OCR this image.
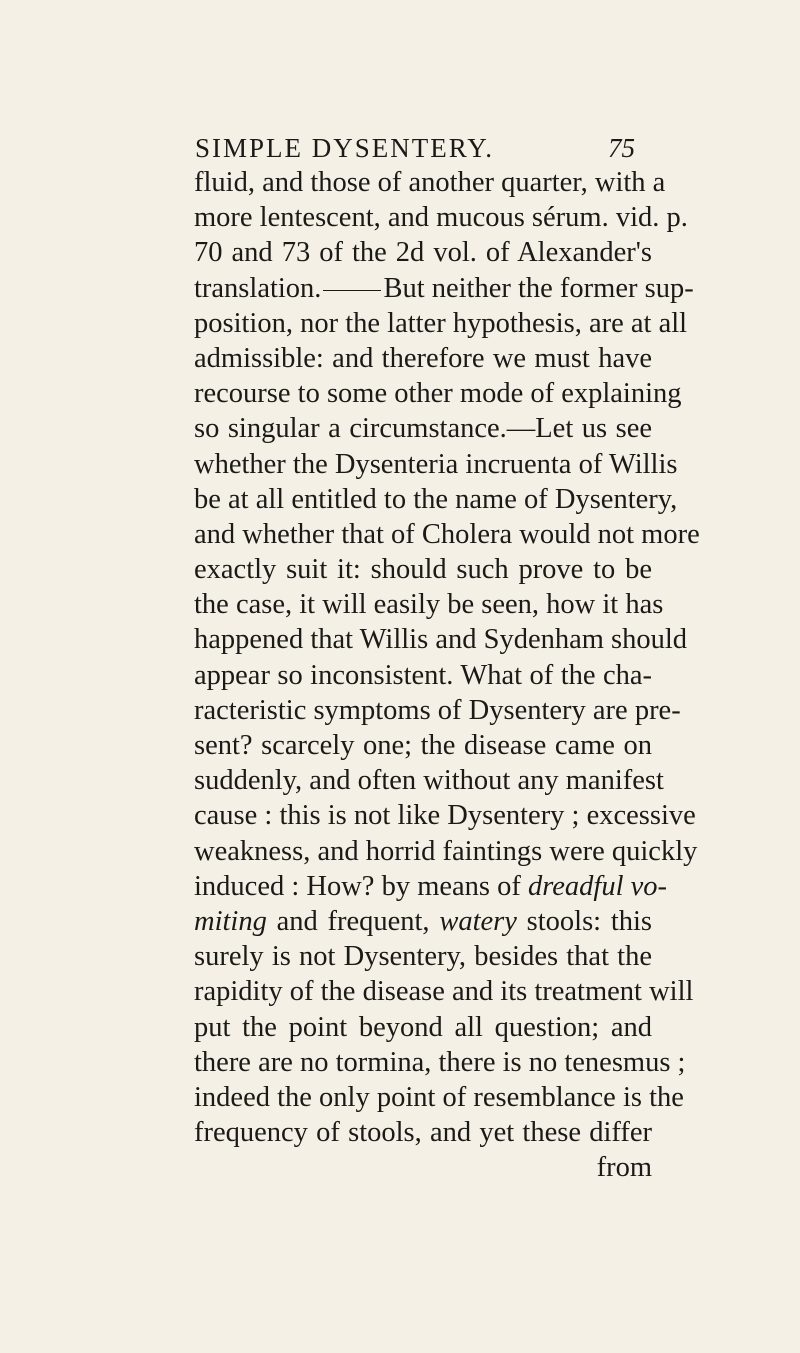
SIMPLE DYSENTERY.	75
fluid, and those of another quarter, with a
more lentescent, and mucous sérum. vid. p.
70 and 73 of the 2d vol. of Alexander's
translation. But neither the former sup-
position, nor the latter hypothesis, are at all
admissible: and therefore we must have
recourse to some other mode of explaining
so singular a circumstance.—Let us see
whether the Dysenteria incruenta of Willis
be at all entitled to the name of Dysentery,
and whether that of Cholera would not more
exactly suit it: should such prove to be
the case, it will easily be seen, how it has
happened that Willis and Sydenham should
appear so inconsistent. What of the cha-
racteristic symptoms of Dysentery are pre-
sent? scarcely one; the disease came on
suddenly, and often without any manifest
cause : this is not like Dysentery ; excessive
weakness, and horrid faintings were quickly
induced : How? by means of dreadful vo-
miting and frequent, watery stools: this
surely is not Dysentery, besides that the
rapidity of the disease and its treatment will
put the point beyond all question; and
there are no tormina, there is no tenesmus ;
indeed the only point of resemblance is the
frequency of stools, and yet these differ
from
